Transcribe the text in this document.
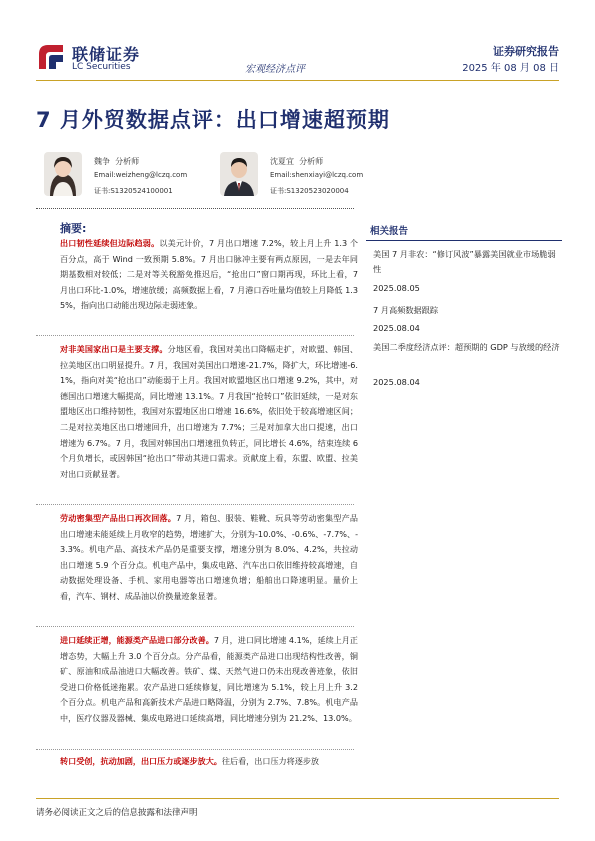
联储证券
LC Securities	宏观经济点评
证券研究报告
2025 年 08 月 08 日
7 月外贸数据点评：出口增速超预期
魏争 分析师
Email:weizheng@lczq.com
证书:S1320524100001
沈夏宜 分析师
Email:shenxiayi@lczq.com
证书:S1320523020004
摘要:
出口韧性延续但边际趋弱。以美元计价，7 月出口增速 7.2%，较上月上升 1.3 个百分点，高于 Wind 一致预期 5.8%。7 月出口脉冲主要有两点原因，一是去年同期基数相对较低；二是对等关税豁免推迟后，“抢出口”窗口期再现，环比上看，7 月出口环比-1.0%，增速放缓；高频数据上看，7 月港口吞吐量均值较上月降低 1.35%，指向出口动能出现边际走弱迹象。
对非美国家出口是主要支撑。分地区看，我国对美出口降幅走扩，对欧盟、韩国、拉美地区出口明显提升。7 月，我国对美国出口增速-21.7%，降扩大，环比增速-6.1%，指向对美“抢出口”动能弱于上月。我国对欧盟地区出口增速 9.2%，其中，对德国出口增速大幅提高，同比增速 13.1%。7 月我国“抢转口”依旧延续，一是对东盟地区出口维持韧性，我国对东盟地区出口增速 16.6%，依旧处于较高增速区间；二是对拉美地区出口增速回升，出口增速为 7.7%；三是对加拿大出口提速，出口增速为 6.7%。7 月，我国对韩国出口增速扭负转正，同比增长 4.6%，结束连续 6 个月负增长，或因韩国“抢出口”带动其进口需求。贡献度上看，东盟、欧盟、拉美对出口贡献显著。
劳动密集型产品出口再次回落。7 月，箱包、服装、鞋靴、玩具等劳动密集型产品出口增速未能延续上月收窄的趋势，增速扩大，分别为-10.0%、-0.6%、-7.7%、-3.3%。机电产品、高技术产品仍是重要支撑，增速分别为 8.0%、4.2%，共拉动出口增速 5.9 个百分点。机电产品中，集成电路、汽车出口依旧维持较高增速，自动数据处理设备、手机、家用电器等出口增速负增；船舶出口降速明显。量价上看，汽车、钢材、成品油以价换量迹象显著。
进口延续正增，能源类产品进口部分改善。7 月，进口同比增速 4.1%，延续上月正增态势，大幅上升 3.0 个百分点。分产品看，能源类产品进口出现结构性改善，铜矿、原油和成品油进口大幅改善。铁矿、煤、天然气进口仍未出现改善迹象，依旧受进口价格低迷拖累。农产品进口延续修复，同比增速为 5.1%，较上月上升 3.2 个百分点。机电产品和高新技术产品进口略降温，分别为 2.7%、7.8%。机电产品中，医疗仪器及器械、集成电路进口延续高增，同比增速分别为 21.2%、13.0%。
转口受创，抗动加剧，出口压力或逐步放大。往后看，出口压力将逐步放
相关报告
美国 7 月非农：“修订风波”暴露美国就业市场脆弱性
2025.08.05
7 月高频数据跟踪
2025.08.04
美国二季度经济点评：超预期的 GDP 与放缓的经济
2025.08.04
请务必阅读正文之后的信息披露和法律声明
